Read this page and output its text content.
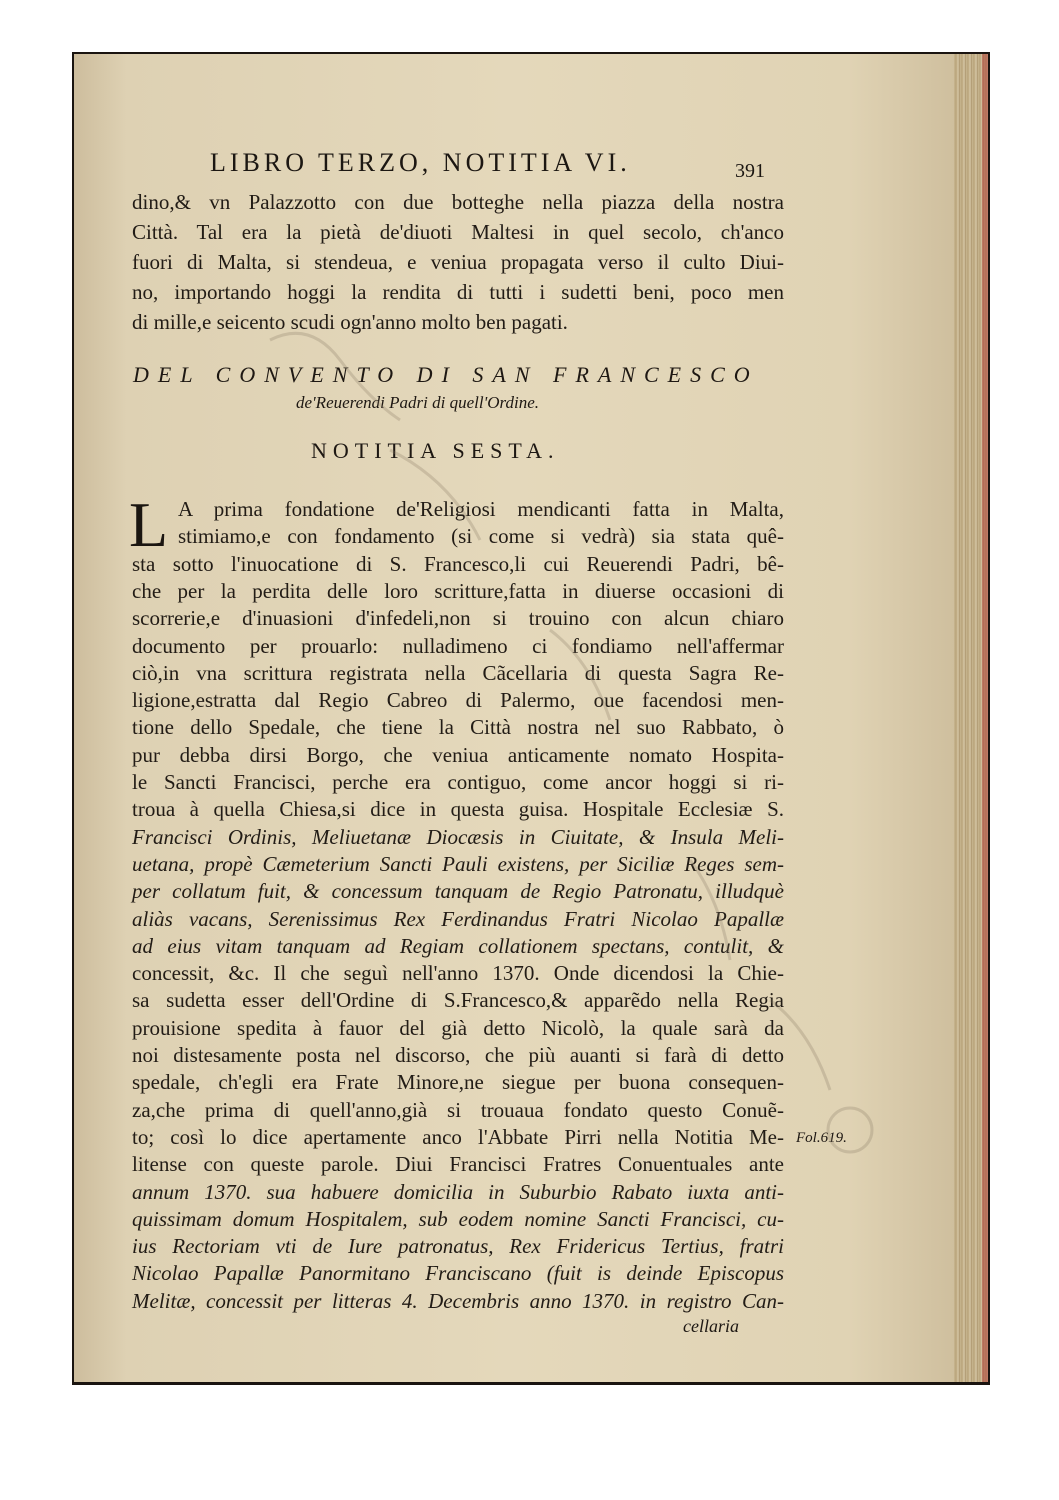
LIBRO TERZO, NOTITIA VI.	391
dino,& vn Palazzotto con due botteghe nella piazza della nostra
Città. Tal era la pietà de'diuoti Maltesi in quel secolo, ch'anco
fuori di Malta, si stendeua, e veniua propagata verso il culto Diui-
no, importando hoggi la rendita di tutti i sudetti beni, poco men
di mille,e seicento scudi ogn'anno molto ben pagati.
DEL CONVENTO DI SAN FRANCESCO
de'Reuerendi Padri di quell'Ordine.
NOTITIA SESTA.
L A prima fondatione de'Religiosi mendicanti fatta in Malta,
stimiamo,e con fondamento (si come si vedrà) sia stata quê-
sta sotto l'inuocatione di S. Francesco,li cui Reuerendi Padri, bê-
che per la perdita delle loro scritture,fatta in diuerse occasioni di
scorrerie,e d'inuasioni d'infedeli,non si trouino con alcun chiaro
documento per prouarlo: nulladimeno ci fondiamo nell'affermar
ciò,in vna scrittura registrata nella Cãcellaria di questa Sagra Re-
ligione,estratta dal Regio Cabreo di Palermo, oue facendosi men-
tione dello Spedale, che tiene la Città nostra nel suo Rabbato, ò
pur debba dirsi Borgo, che veniua anticamente nomato Hospita-
le Sancti Francisci, perche era contiguo, come ancor hoggi si ri-
troua à quella Chiesa,si dice in questa guisa. Hospitale Ecclesiæ S.
Francisci Ordinis, Meliuetanæ Diocæsis in Ciuitate, & Insula Meli-
uetana, propè Cæmeterium Sancti Pauli existens, per Siciliæ Reges sem-
per collatum fuit, & concessum tanquam de Regio Patronatu, illudquè
aliàs vacans, Serenissimus Rex Ferdinandus Fratri Nicolao Papallæ
ad eius vitam tanquam ad Regiam collationem spectans, contulit, &
concessit, &c. Il che seguì nell'anno 1370. Onde dicendosi la Chie-
sa sudetta esser dell'Ordine di S.Francesco,& apparẽdo nella Regia
prouisione spedita à fauor del già detto Nicolò, la quale sarà da
noi distesamente posta nel discorso, che più auanti si farà di detto
spedale, ch'egli era Frate Minore,ne siegue per buona consequen-
za,che prima di quell'anno,già si trouaua fondato questo Conuẽ-
to; così lo dice apertamente anco l'Abbate Pirri nella Notitia Me-
litense con queste parole. Diui Francisci Fratres Conuentuales ante
annum 1370. sua habuere domicilia in Suburbio Rabato iuxta anti-
quissimam domum Hospitalem, sub eodem nomine Sancti Francisci, cu-
ius Rectoriam vti de Iure patronatus, Rex Fridericus Tertius, fratri
Nicolao Papallæ Panormitano Franciscano (fuit is deinde Episcopus
Melitæ, concessit per litteras 4. Decembris anno 1370. in registro Can-
Fol.619.
cellaria
